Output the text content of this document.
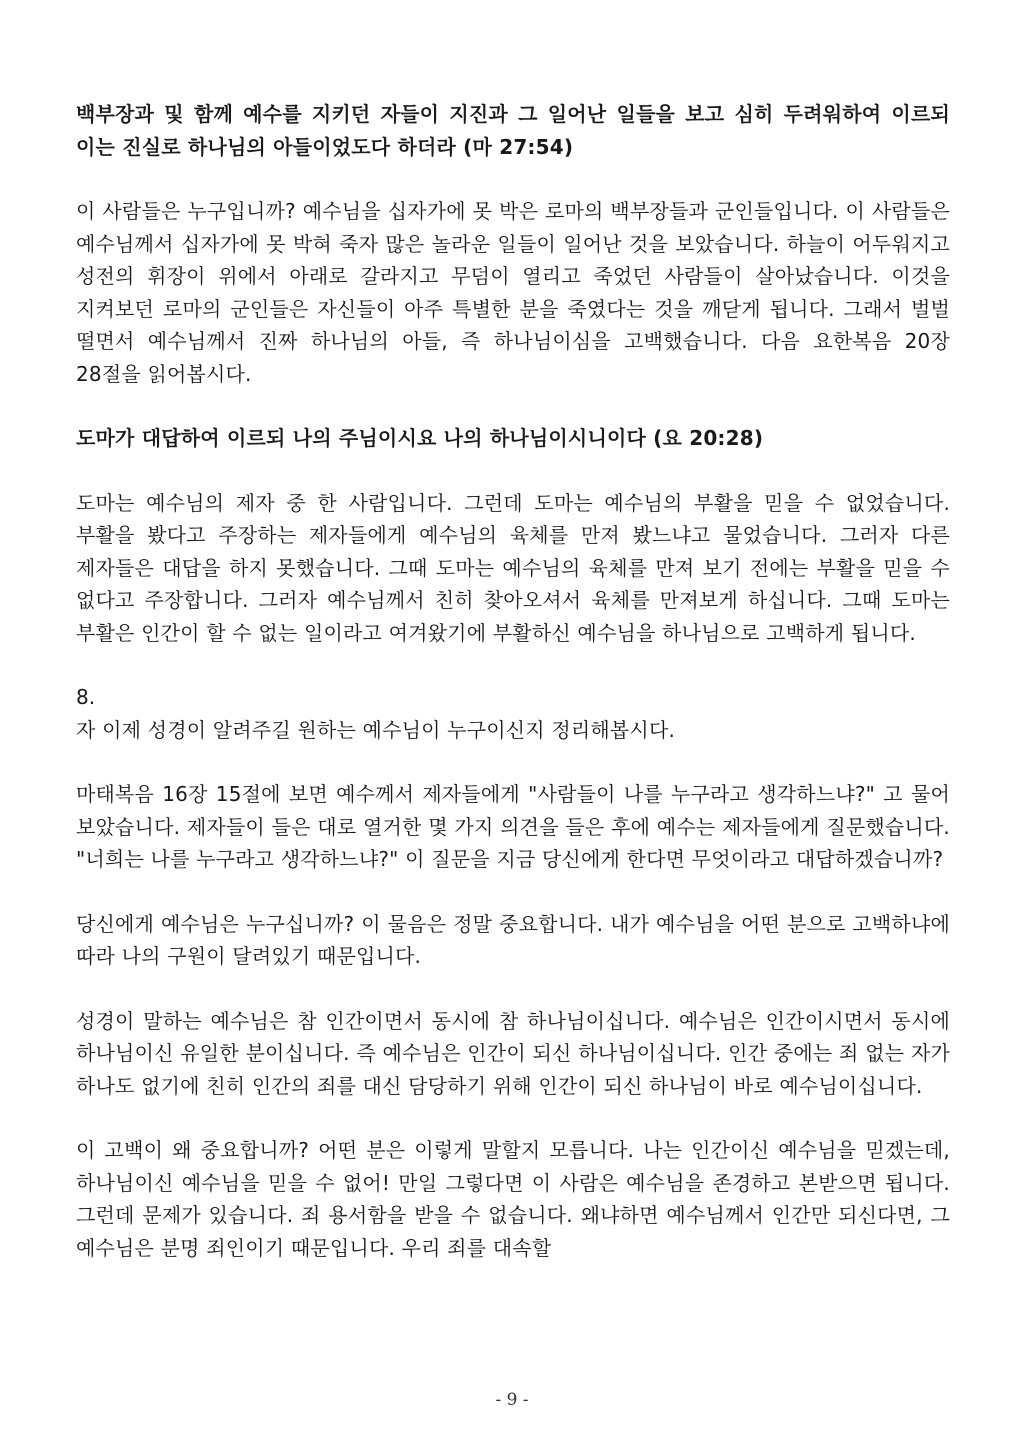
백부장과 및 함께 예수를 지키던 자들이 지진과 그 일어난 일들을 보고 심히 두려워하여 이르되 이는 진실로 하나님의 아들이었도다 하더라 (마 27:54)

이 사람들은 누구입니까? 예수님을 십자가에 못 박은 로마의 백부장들과 군인들입니다. 이 사람들은 예수님께서 십자가에 못 박혀 죽자 많은 놀라운 일들이 일어난 것을 보았습니다. 하늘이 어두워지고 성전의 휘장이 위에서 아래로 갈라지고 무덤이 열리고 죽었던 사람들이 살아났습니다. 이것을 지켜보던 로마의 군인들은 자신들이 아주 특별한 분을 죽였다는 것을 깨닫게 됩니다. 그래서 벌벌 떨면서 예수님께서 진짜 하나님의 아들, 즉 하나님이심을 고백했습니다. 다음 요한복음 20장 28절을 읽어봅시다.

도마가 대답하여 이르되 나의 주님이시요 나의 하나님이시니이다 (요 20:28)

도마는 예수님의 제자 중 한 사람입니다. 그런데 도마는 예수님의 부활을 믿을 수 없었습니다. 부활을 봤다고 주장하는 제자들에게 예수님의 육체를 만져 봤느냐고 물었습니다. 그러자 다른 제자들은 대답을 하지 못했습니다. 그때 도마는 예수님의 육체를 만져 보기 전에는 부활을 믿을 수 없다고 주장합니다. 그러자 예수님께서 친히 찾아오셔서 육체를 만져보게 하십니다. 그때 도마는 부활은 인간이 할 수 없는 일이라고 여겨왔기에 부활하신 예수님을 하나님으로 고백하게 됩니다.

8.

자 이제 성경이 알려주길 원하는 예수님이 누구이신지 정리해봅시다.

마태복음 16장 15절에 보면 예수께서 제자들에게 "사람들이 나를 누구라고 생각하느냐?" 고 물어 보았습니다. 제자들이 들은 대로 열거한 몇 가지 의견을 들은 후에 예수는 제자들에게 질문했습니다. "너희는 나를 누구라고 생각하느냐?" 이 질문을 지금 당신에게 한다면 무엇이라고 대답하겠습니까?

당신에게 예수님은 누구십니까? 이 물음은 정말 중요합니다. 내가 예수님을 어떤 분으로 고백하냐에 따라 나의 구원이 달려있기 때문입니다.

성경이 말하는 예수님은 참 인간이면서 동시에 참 하나님이십니다. 예수님은 인간이시면서 동시에 하나님이신 유일한 분이십니다. 즉 예수님은 인간이 되신 하나님이십니다. 인간 중에는 죄 없는 자가 하나도 없기에 친히 인간의 죄를 대신 담당하기 위해 인간이 되신 하나님이 바로 예수님이십니다.

이 고백이 왜 중요합니까? 어떤 분은 이렇게 말할지 모릅니다. 나는 인간이신 예수님을 믿겠는데, 하나님이신 예수님을 믿을 수 없어! 만일 그렇다면 이 사람은 예수님을 존경하고 본받으면 됩니다. 그런데 문제가 있습니다. 죄 용서함을 받을 수 없습니다. 왜냐하면 예수님께서 인간만 되신다면, 그 예수님은 분명 죄인이기 때문입니다. 우리 죄를 대속할

- 9 -
